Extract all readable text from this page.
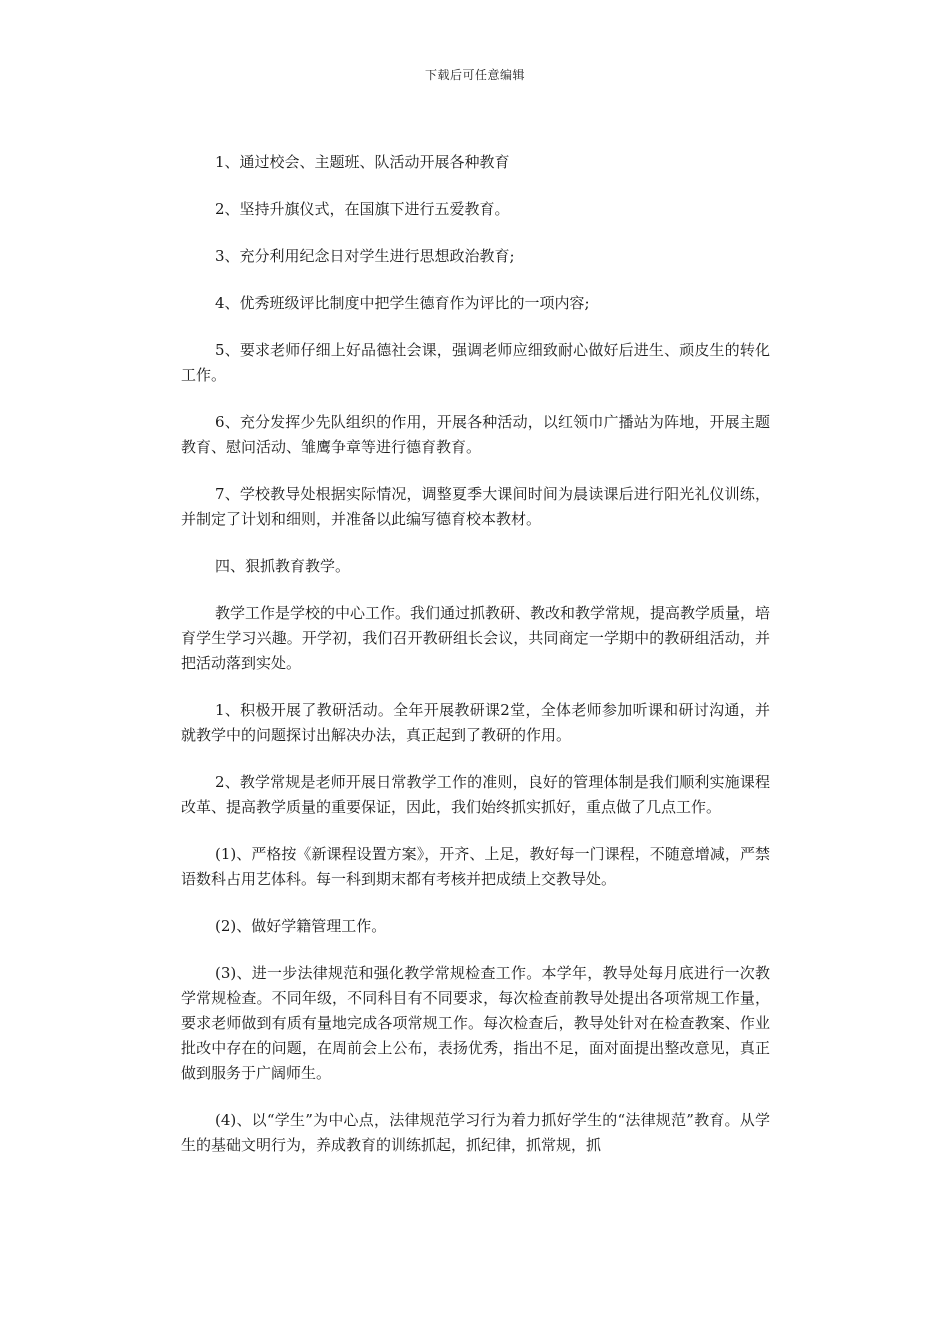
下载后可任意编辑

1、通过校会、主题班、队活动开展各种教育

2、坚持升旗仪式，在国旗下进行五爱教育。

3、充分利用纪念日对学生进行思想政治教育;

4、优秀班级评比制度中把学生德育作为评比的一项内容;

5、要求老师仔细上好品德社会课，强调老师应细致耐心做好后进生、顽皮生的转化工作。

6、充分发挥少先队组织的作用，开展各种活动，以红领巾广播站为阵地，开展主题教育、慰问活动、雏鹰争章等进行德育教育。

7、学校教导处根据实际情况，调整夏季大课间时间为晨读课后进行阳光礼仪训练，并制定了计划和细则，并准备以此编写德育校本教材。

四、狠抓教育教学。

教学工作是学校的中心工作。我们通过抓教研、教改和教学常规，提高教学质量，培育学生学习兴趣。开学初，我们召开教研组长会议，共同商定一学期中的教研组活动，并把活动落到实处。

1、积极开展了教研活动。全年开展教研课2堂，全体老师参加听课和研讨沟通，并就教学中的问题探讨出解决办法，真正起到了教研的作用。

2、教学常规是老师开展日常教学工作的准则，良好的管理体制是我们顺利实施课程改革、提高教学质量的重要保证，因此，我们始终抓实抓好，重点做了几点工作。

(1)、严格按《新课程设置方案》，开齐、上足，教好每一门课程，不随意增减，严禁语数科占用艺体科。每一科到期末都有考核并把成绩上交教导处。

(2)、做好学籍管理工作。

(3)、进一步法律规范和强化教学常规检查工作。本学年，教导处每月底进行一次教学常规检查。不同年级，不同科目有不同要求，每次检查前教导处提出各项常规工作量，要求老师做到有质有量地完成各项常规工作。每次检查后，教导处针对在检查教案、作业批改中存在的问题，在周前会上公布，表扬优秀，指出不足，面对面提出整改意见，真正做到服务于广阔师生。

(4)、以“学生”为中心点，法律规范学习行为着力抓好学生的“法律规范”教育。从学生的基础文明行为，养成教育的训练抓起，抓纪律，抓常规，抓
